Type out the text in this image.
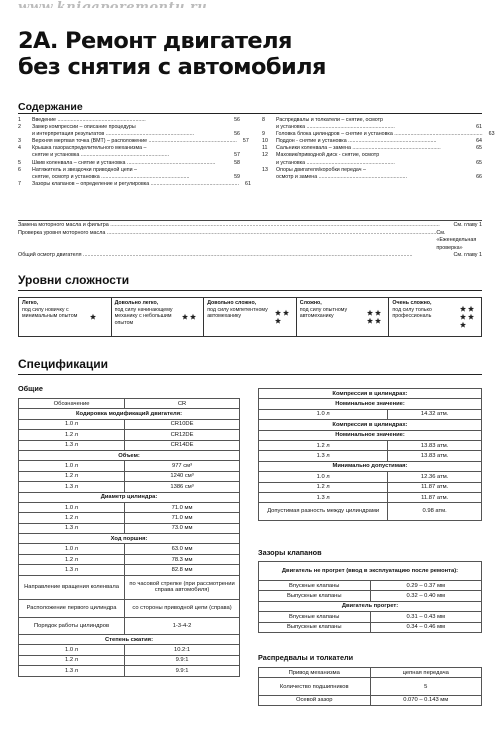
2А. Ремонт двигателя
без снятия с автомобиля
Содержание
1	Введение ............................................................	56
2	Замер компрессии – описание процедуры
и интерпретация результатов ............................................................	56
3	Верхняя мертвая точка (ВМТ) – расположение ............................................................	57
4	Крышка газораспределительного механизма –
снятие и установка ............................................................	57
5	Шкив коленвала – снятие и установка ............................................................	58
6	Натяжитель и звездочки приводной цепи –
снятие, осмотр и установка ............................................................	59
7	Зазоры клапанов – определение и регулировка ............................................................	61
8	Распредвалы и толкатели – снятие, осмотр
и установка ............................................................	61
9	Головка блока цилиндров – снятие и установка ............................................................	63
10	Поддон - снятие и установка ............................................................	64
11	Сальники коленвала – замена ............................................................	65
12	Маховик/приводной диск - снятие, осмотр
и установка ............................................................	65
13	Опоры двигателя/коробки передач –
осмотр и замена ............................................................	66
Замена моторного масла и фильтра ............................................................................................................................................................................................................................	См. главу 1
Проверка уровня моторного масла ............................................................................................................................................................................................................................ См. «Еженедельная проверка»
Общий осмотр двигателя ............................................................................................................................................................................................................................	См. главу 1
Уровни сложности
Легко,
под силу новичку с минимальным опытом
Довольно легко,
под силу начинающему механику с небольшим опытом
Довольно сложно,
под силу компетентному автомеханику
Сложно,
под силу опытному автомеханику
Очень сложно,
под силу только профессиональ
Спецификации
Общие
Обозначение	CR
Кодировка модификаций двигателя:	
1.0 л	CR10DE
1.2 л	CR12DE
1.3 л	CR14DE
Объем:	
1.0 л	977 см³
1.2 л	1240 см³
1.3 л	1386 см³
Диаметр цилиндра:	
1.0 л	71.0 мм
1.2 л	71.0 мм
1.3 л	73.0 мм
Ход поршня:	
1.0 л	63.0 мм
1.2 л	78.3 мм
1.3 л	82.8 мм
Направление вращения коленвала	по часовой стрелке (при рассмотрении справа автомобиля)
Расположение первого цилиндра	со стороны приводной цепи (справа)
Порядок работы цилиндров	1-3-4-2
Степень сжатия:	
1.0 л	10.2:1
1.2 л	9.9:1
1.3 л	9.9:1
Компрессия в цилиндрах:	
Номинальное значение:	
1.0 л	14.32 атм.
Компрессия в цилиндрах:	
Номинальное значение:	
1.2 л	13.83 атм.
1.3 л	13.83 атм.
Минимально допустимая:	
1.0 л	12.36 атм.
1.2 л	11.87 атм.
1.3 л	11.87 атм.
Допустимая разность между цилиндрами	0.98 атм.
Зазоры клапанов
Двигатель не прогрет (ввод в эксплуатацию после ремонта):	
Впускные клапаны	0.29 – 0.37 мм
Выпускные клапаны	0.32 – 0.40 мм
Двигатель прогрет:	
Впускные клапаны	0.31 – 0.43 мм
Выпускные клапаны	0.34 – 0.46 мм
Распредвалы и толкатели
Привод механизма	цепная передача
Количество подшипников	5
Осевой зазор	0.070 – 0.143 мм
